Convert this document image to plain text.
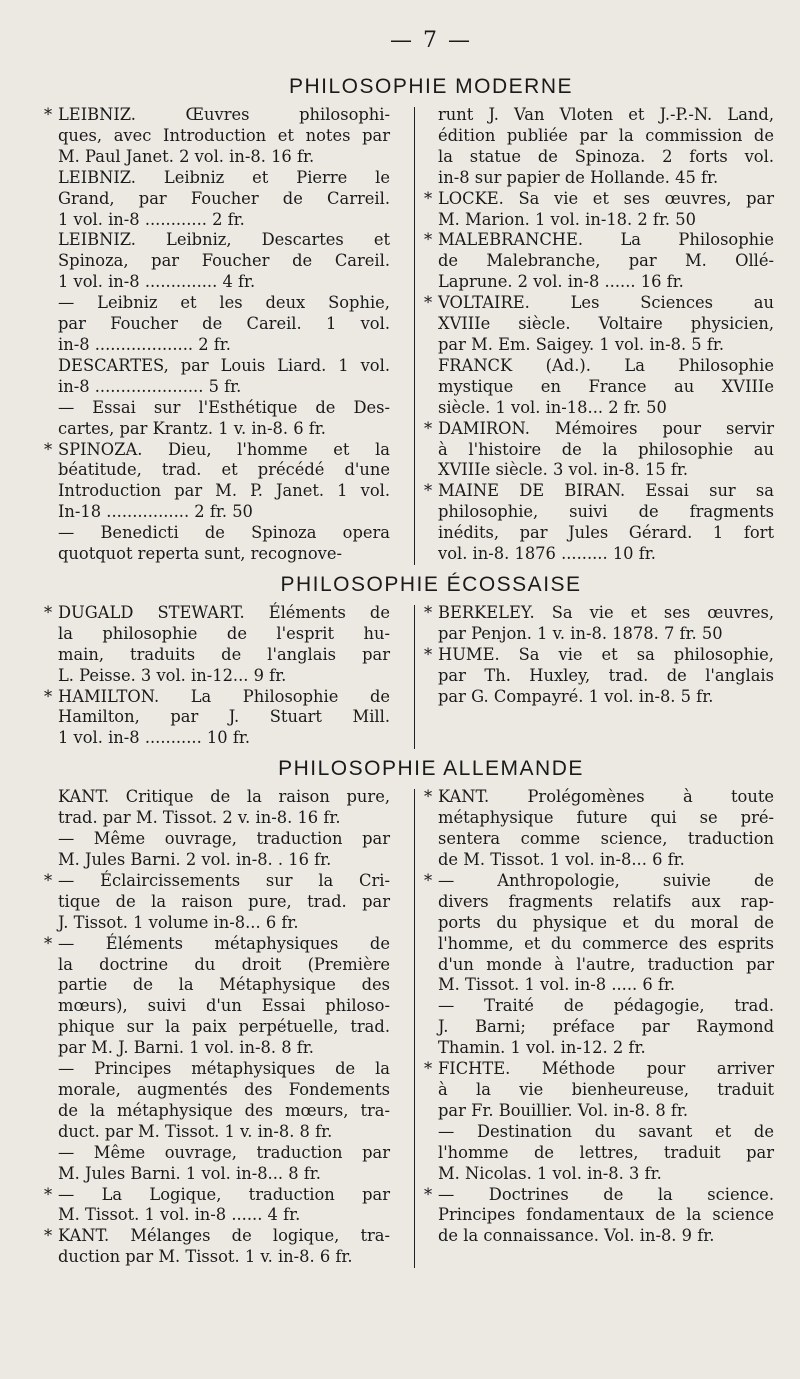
— 7 —
PHILOSOPHIE MODERNE
* LEIBNIZ. Œuvres philosophi-
ques, avec Introduction et notes par
M. Paul Janet. 2 vol. in-8. 16 fr.
LEIBNIZ. Leibniz et Pierre le
Grand, par Foucher de Carreil.
1 vol. in-8 ............ 2 fr.
LEIBNIZ. Leibniz, Descartes et
Spinoza, par Foucher de Careil.
1 vol. in-8 .............. 4 fr.
— Leibniz et les deux Sophie,
par Foucher de Careil. 1 vol.
in-8 ................... 2 fr.
DESCARTES, par Louis Liard. 1 vol.
in-8 ..................... 5 fr.
— Essai sur l'Esthétique de Des-
cartes, par Krantz. 1 v. in-8. 6 fr.
* SPINOZA. Dieu, l'homme et la
béatitude, trad. et précédé d'une
Introduction par M. P. Janet. 1 vol.
In-18 ................ 2 fr. 50
— Benedicti de Spinoza opera
quotquot reperta sunt, recognove-
runt J. Van Vloten et J.-P.-N. Land,
édition publiée par la commission de
la statue de Spinoza. 2 forts vol.
in-8 sur papier de Hollande. 45 fr.
* LOCKE. Sa vie et ses œuvres, par
M. Marion. 1 vol. in-18. 2 fr. 50
* MALEBRANCHE. La Philosophie
de Malebranche, par M. Ollé-
Laprune. 2 vol. in-8 ...... 16 fr.
* VOLTAIRE. Les Sciences au
XVIIIe siècle. Voltaire physicien,
par M. Em. Saigey. 1 vol. in-8. 5 fr.
FRANCK (Ad.). La Philosophie
mystique en France au XVIIIe
siècle. 1 vol. in-18... 2 fr. 50
* DAMIRON. Mémoires pour servir
à l'histoire de la philosophie au
XVIIIe siècle. 3 vol. in-8. 15 fr.
* MAINE DE BIRAN. Essai sur sa
philosophie, suivi de fragments
inédits, par Jules Gérard. 1 fort
vol. in-8. 1876 ......... 10 fr.
PHILOSOPHIE ÉCOSSAISE
* DUGALD STEWART. Éléments de
la philosophie de l'esprit hu-
main, traduits de l'anglais par
L. Peisse. 3 vol. in-12... 9 fr.
* HAMILTON. La Philosophie de
Hamilton, par J. Stuart Mill.
1 vol. in-8 ........... 10 fr.
* BERKELEY. Sa vie et ses œuvres,
par Penjon. 1 v. in-8. 1878. 7 fr. 50
* HUME. Sa vie et sa philosophie,
par Th. Huxley, trad. de l'anglais
par G. Compayré. 1 vol. in-8. 5 fr.
PHILOSOPHIE ALLEMANDE
KANT. Critique de la raison pure,
trad. par M. Tissot. 2 v. in-8. 16 fr.
— Même ouvrage, traduction par
M. Jules Barni. 2 vol. in-8. . 16 fr.
* — Éclaircissements sur la Cri-
tique de la raison pure, trad. par
J. Tissot. 1 volume in-8... 6 fr.
* — Éléments métaphysiques de
la doctrine du droit (Première
partie de la Métaphysique des
mœurs), suivi d'un Essai philoso-
phique sur la paix perpétuelle, trad.
par M. J. Barni. 1 vol. in-8. 8 fr.
— Principes métaphysiques de la
morale, augmentés des Fondements
de la métaphysique des mœurs, tra-
duct. par M. Tissot. 1 v. in-8. 8 fr.
— Même ouvrage, traduction par
M. Jules Barni. 1 vol. in-8... 8 fr.
* — La Logique, traduction par
M. Tissot. 1 vol. in-8 ...... 4 fr.
* KANT. Mélanges de logique, tra-
duction par M. Tissot. 1 v. in-8. 6 fr.
* KANT. Prolégomènes à toute
métaphysique future qui se pré-
sentera comme science, traduction
de M. Tissot. 1 vol. in-8... 6 fr.
* — Anthropologie, suivie de
divers fragments relatifs aux rap-
ports du physique et du moral de
l'homme, et du commerce des esprits
d'un monde à l'autre, traduction par
M. Tissot. 1 vol. in-8 ..... 6 fr.
— Traité de pédagogie, trad.
J. Barni; préface par Raymond
Thamin. 1 vol. in-12. 2 fr.
* FICHTE. Méthode pour arriver
à la vie bienheureuse, traduit
par Fr. Bouillier. Vol. in-8. 8 fr.
— Destination du savant et de
l'homme de lettres, traduit par
M. Nicolas. 1 vol. in-8. 3 fr.
* — Doctrines de la science.
Principes fondamentaux de la science
de la connaissance. Vol. in-8. 9 fr.
